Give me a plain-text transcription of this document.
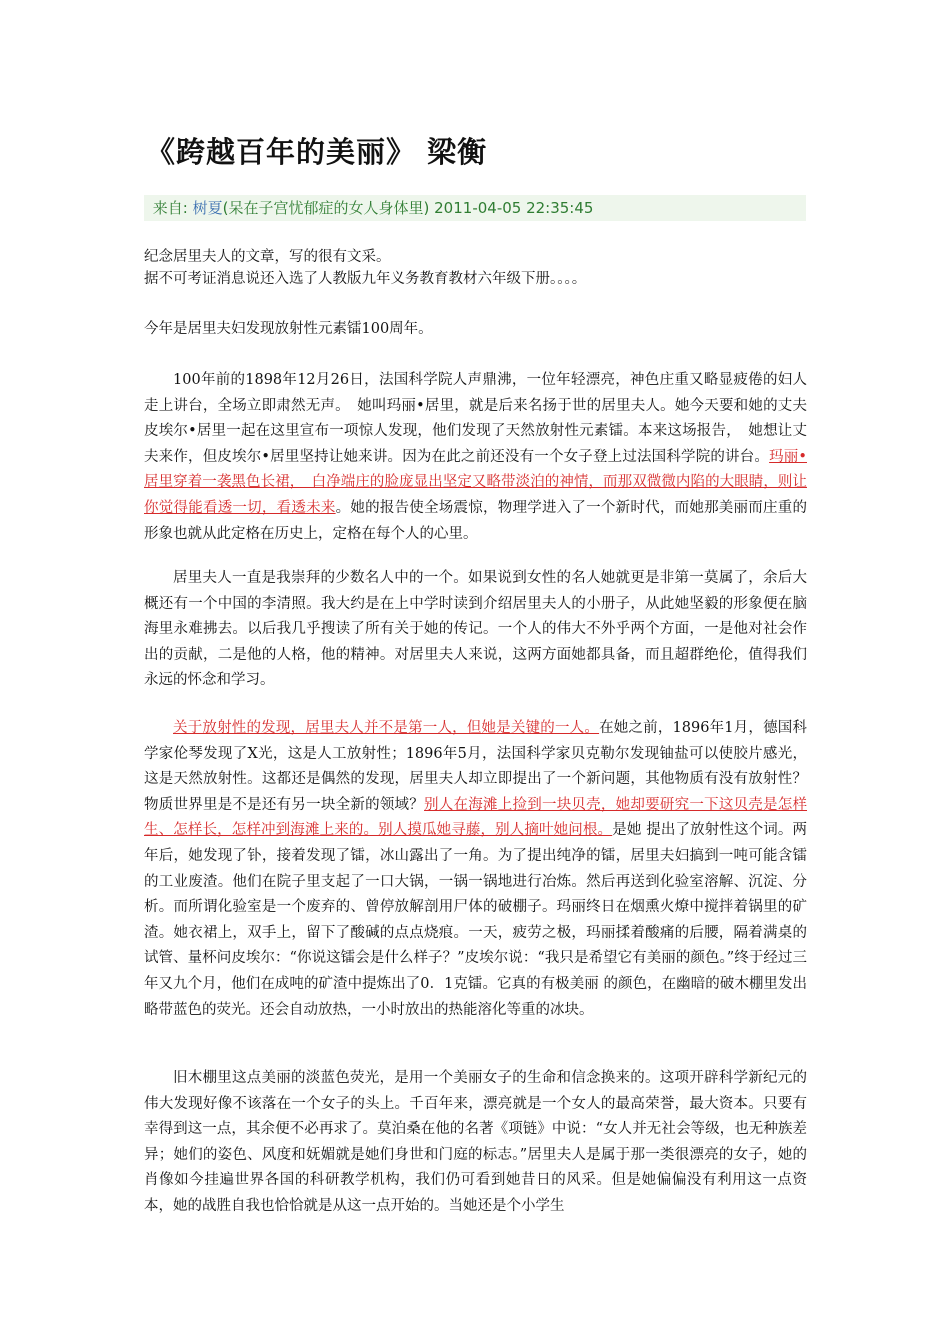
《跨越百年的美丽》 梁衡
来自: 树夏(呆在子宫忧郁症的女人身体里) 2011-04-05 22:35:45
纪念居里夫人的文章，写的很有文采。
据不可考证消息说还入选了人教版九年义务教育教材六年级下册。。。。
今年是居里夫妇发现放射性元素镭100周年。

100年前的1898年12月26日，法国科学院人声鼎沸，一位年轻漂亮，神色庄重又略显疲倦的妇人走上讲台，全场立即肃然无声。　她叫玛丽•居里，就是后来名扬于世的居里夫人。她今天要和她的丈夫皮埃尔•居里一起在这里宣布一项惊人发现，他们发现了天然放射性元素镭。本来这场报告，　她想让丈夫来作，但皮埃尔•居里坚持让她来讲。因为在此之前还没有一个女子登上过法国科学院的讲台。玛丽•居里穿着一袭黑色长裙，　白净端庄的脸庞显出坚定又略带淡泊的神情，而那双微微内陷的大眼睛，则让你觉得能看透一切，看透未来。她的报告使全场震惊，物理学进入了一个新时代，而她那美丽而庄重的形象也就从此定格在历史上，定格在每个人的心里。

居里夫人一直是我崇拜的少数名人中的一个。如果说到女性的名人她就更是非第一莫属了，余后大概还有一个中国的李清照。我大约是在上中学时读到介绍居里夫人的小册子，从此她坚毅的形象便在脑海里永难拂去。以后我几乎搜读了所有关于她的传记。一个人的伟大不外乎两个方面，一是他对社会作出的贡献，二是他的人格，他的精神。对居里夫人来说，这两方面她都具备，而且超群绝伦，值得我们永远的怀念和学习。

关于放射性的发现，居里夫人并不是第一人，但她是关键的一人。在她之前，1896年1月，德国科学家伦琴发现了X光，这是人工放射性；1896年5月，法国科学家贝克勒尔发现铀盐可以使胶片感光，这是天然放射性。这都还是偶然的发现，居里夫人却立即提出了一个新问题，其他物质有没有放射性？物质世界里是不是还有另一块全新的领域？别人在海滩上捡到一块贝壳，她却要研究一下这贝壳是怎样生、怎样长，怎样冲到海滩上来的。别人摸瓜她寻藤，别人摘叶她问根。是她 提出了放射性这个词。两年后，她发现了钋，接着发现了镭，冰山露出了一角。为了提出纯净的镭，居里夫妇搞到一吨可能含镭的工业废渣。他们在院子里支起了一口大锅，一锅一锅地进行冶炼。然后再送到化验室溶解、沉淀、分析。而所谓化验室是一个废弃的、曾停放解剖用尸体的破棚子。玛丽终日在烟熏火燎中搅拌着锅里的矿渣。她衣裙上，双手上，留下了酸碱的点点烧痕。一天，疲劳之极，玛丽揉着酸痛的后腰，隔着满桌的试管、量杯问皮埃尔：“你说这镭会是什么样子？”皮埃尔说：“我只是希望它有美丽的颜色。”终于经过三年又九个月，他们在成吨的矿渣中提炼出了0．1克镭。它真的有极美丽 的颜色，在幽暗的破木棚里发出略带蓝色的荧光。还会自动放热，一小时放出的热能溶化等重的冰块。

旧木棚里这点美丽的淡蓝色荧光，是用一个美丽女子的生命和信念换来的。这项开辟科学新纪元的伟大发现好像不该落在一个女子的头上。千百年来，漂亮就是一个女人的最高荣誉，最大资本。只要有幸得到这一点，其余便不必再求了。莫泊桑在他的名著《项链》中说：“女人并无社会等级，也无种族差异；她们的姿色、风度和妩媚就是她们身世和门庭的标志。”居里夫人是属于那一类很漂亮的女子，她的肖像如今挂遍世界各国的科研教学机构，我们仍可看到她昔日的风采。但是她偏偏没有利用这一点资本，她的战胜自我也恰恰就是从这一点开始的。当她还是个小学生
